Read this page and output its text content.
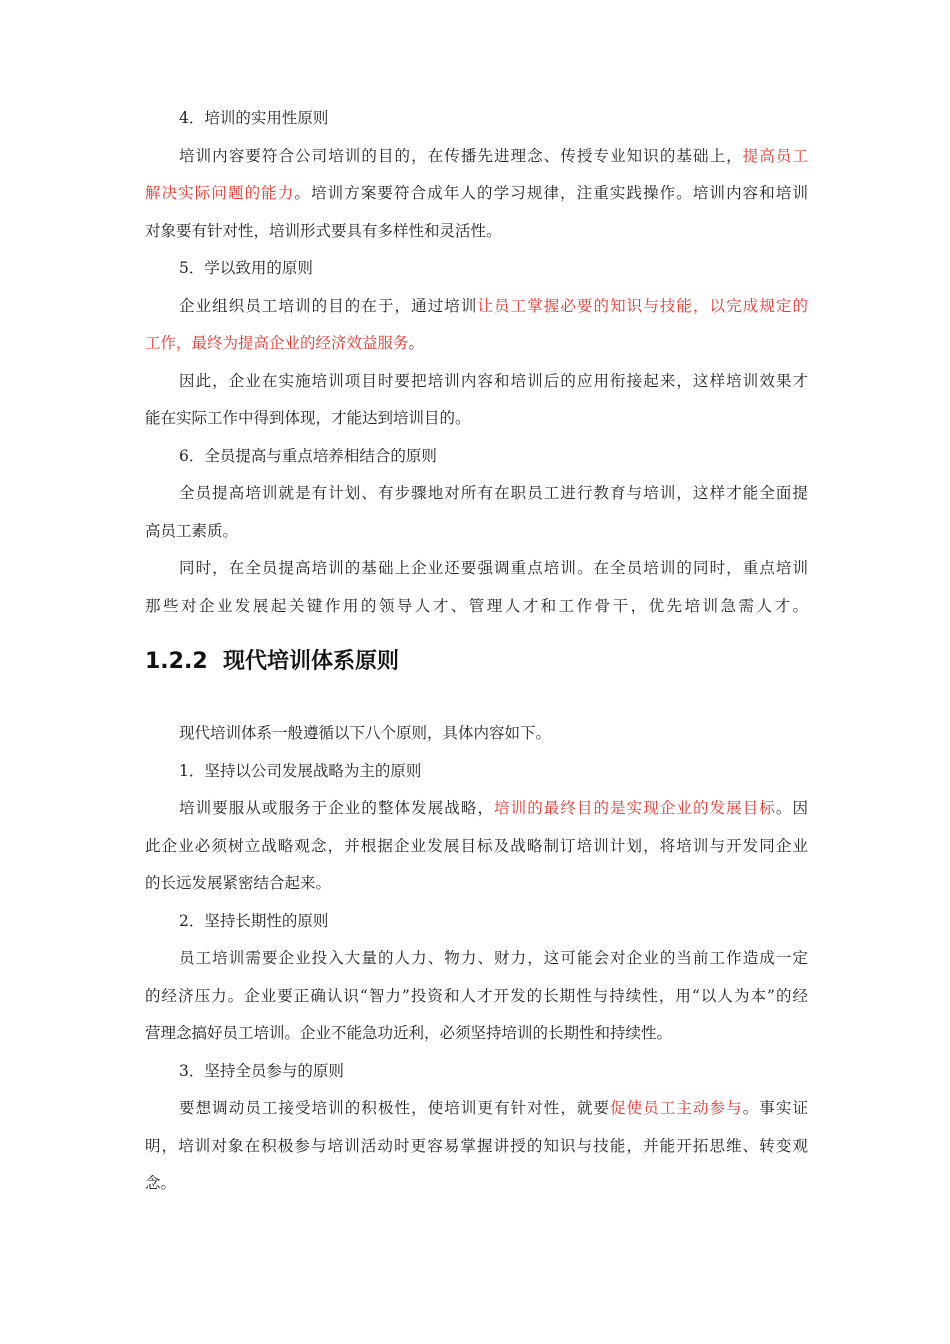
4．培训的实用性原则
培训内容要符合公司培训的目的，在传播先进理念、传授专业知识的基础上，提高员工
解决实际问题的能力。培训方案要符合成年人的学习规律，注重实践操作。培训内容和培训
对象要有针对性，培训形式要具有多样性和灵活性。
5．学以致用的原则
企业组织员工培训的目的在于，通过培训让员工掌握必要的知识与技能，以完成规定的
工作，最终为提高企业的经济效益服务。
因此，企业在实施培训项目时要把培训内容和培训后的应用衔接起来，这样培训效果才
能在实际工作中得到体现，才能达到培训目的。
6．全员提高与重点培养相结合的原则
全员提高培训就是有计划、有步骤地对所有在职员工进行教育与培训，这样才能全面提
高员工素质。
同时，在全员提高培训的基础上企业还要强调重点培训。在全员培训的同时，重点培训
那些对企业发展起关键作用的领导人才、管理人才和工作骨干，优先培训急需人才。
1.2.2 现代培训体系原则
现代培训体系一般遵循以下八个原则，具体内容如下。
1．坚持以公司发展战略为主的原则
培训要服从或服务于企业的整体发展战略，培训的最终目的是实现企业的发展目标。因
此企业必须树立战略观念，并根据企业发展目标及战略制订培训计划，将培训与开发同企业
的长远发展紧密结合起来。
2．坚持长期性的原则
员工培训需要企业投入大量的人力、物力、财力，这可能会对企业的当前工作造成一定
的经济压力。企业要正确认识“智力”投资和人才开发的长期性与持续性，用“以人为本”的经
营理念搞好员工培训。企业不能急功近利，必须坚持培训的长期性和持续性。
3．坚持全员参与的原则
要想调动员工接受培训的积极性，使培训更有针对性，就要促使员工主动参与。事实证
明，培训对象在积极参与培训活动时更容易掌握讲授的知识与技能，并能开拓思维、转变观
念。
